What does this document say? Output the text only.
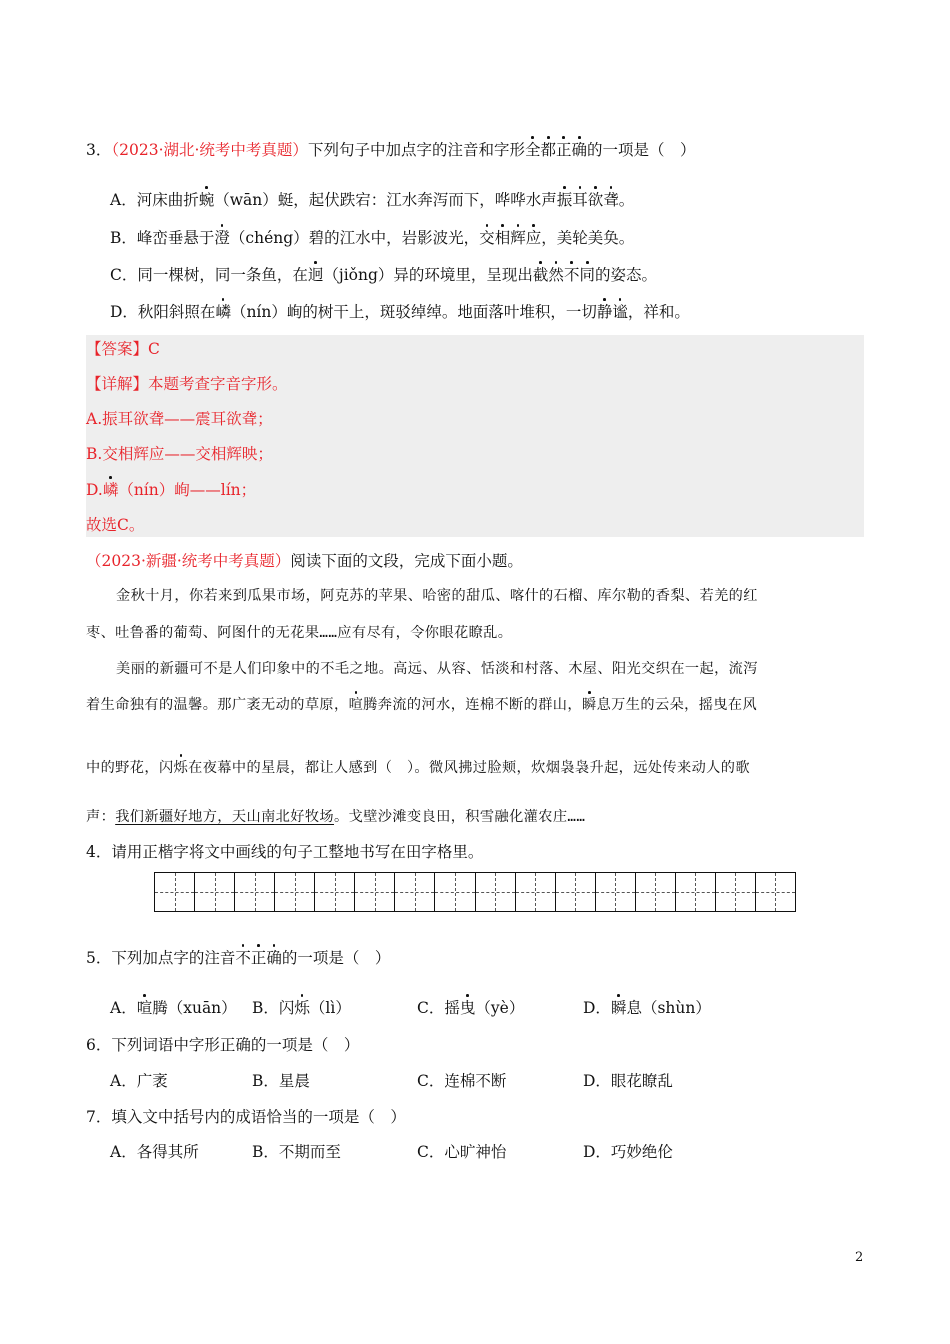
3．（2023·湖北·统考中考真题）下列句子中加点字的注音和字形全都正确的一项是（　）
A．河床曲折蜿（wān）蜓，起伏跌宕：江水奔泻而下，哗哗水声振耳欲聋。
B．峰峦垂悬于澄（chéng）碧的江水中，岩影波光，交相辉应，美轮美奂。
C．同一棵树，同一条鱼，在迥（jiǒng）异的环境里，呈现出截然不同的姿态。
D．秋阳斜照在嶙（nín）峋的树干上，斑驳绰绰。地面落叶堆积，一切静谧，祥和。
【答案】C
【详解】本题考查字音字形。
A.振耳欲聋——震耳欲聋；
B.交相辉应——交相辉映；
D.嶙（nín）峋——lín；
故选C。
（2023·新疆·统考中考真题）阅读下面的文段，完成下面小题。
金秋十月，你若来到瓜果市场，阿克苏的苹果、哈密的甜瓜、喀什的石榴、库尔勒的香梨、若羌的红
枣、吐鲁番的葡萄、阿图什的无花果……应有尽有，令你眼花瞭乱。
美丽的新疆可不是人们印象中的不毛之地。高远、从容、恬淡和村落、木屋、阳光交织在一起，流泻
着生命独有的温馨。那广袤无动的草原，喧腾奔流的河水，连棉不断的群山，瞬息万生的云朵，摇曳在风
中的野花，闪烁在夜幕中的星晨，都让人感到（　）。微风拂过脸颊，炊烟袅袅升起，远处传来动人的歌
声：我们新疆好地方，天山南北好牧场。戈壁沙滩变良田，积雪融化灌农庄……
4．请用正楷字将文中画线的句子工整地书写在田字格里。
5．下列加点字的注音不正确的一项是（　）
A．喧腾（xuān） B．闪烁（lì）	C．摇曳（yè）	D．瞬息（shùn）
6．下列词语中字形正确的一项是（　）
A．广袤	B．星晨	C．连棉不断	D．眼花瞭乱
7．填入文中括号内的成语恰当的一项是（　）
A．各得其所	B．不期而至	C．心旷神怡	D．巧妙绝伦
2
